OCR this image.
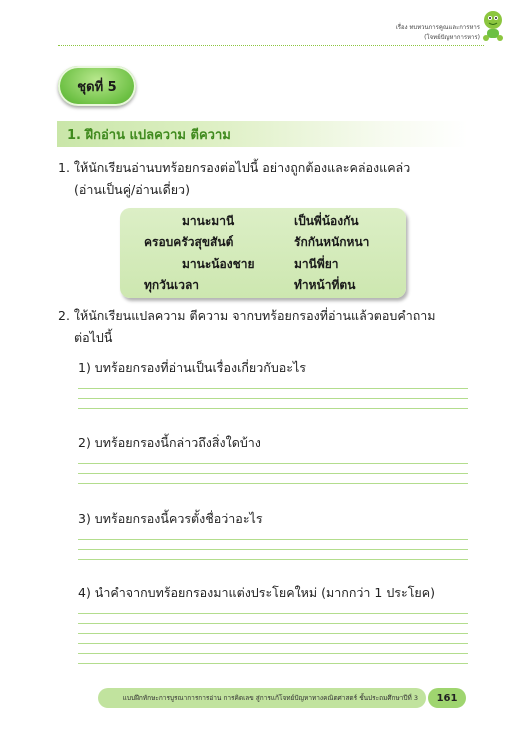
เรื่อง ทบทวนการคูณและการหาร
(โจทย์ปัญหาการหาร)
ชุดที่ 5
1. ฝึกอ่าน แปลความ ตีความ
1. ให้นักเรียนอ่านบทร้อยกรองต่อไปนี้ อย่างถูกต้องและคล่องแคล่ว
(อ่านเป็นคู่/อ่านเดี่ยว)
มานะมานี
ครอบครัวสุขสันต์
มานะน้องชาย
ทุกวันเวลา
เป็นพี่น้องกัน
รักกันหนักหนา
มานีพี่ยา
ทำหน้าที่ตน
2. ให้นักเรียนแปลความ ตีความ จากบทร้อยกรองที่อ่านแล้วตอบคำถาม
ต่อไปนี้
1) บทร้อยกรองที่อ่านเป็นเรื่องเกี่ยวกับอะไร
2) บทร้อยกรองนี้กล่าวถึงสิ่งใดบ้าง
3) บทร้อยกรองนี้ควรตั้งชื่อว่าอะไร
4) นำคำจากบทร้อยกรองมาแต่งประโยคใหม่ (มากกว่า 1 ประโยค)
แบบฝึกทักษะการบูรณาการการอ่าน การคิดเลข สู่การแก้โจทย์ปัญหาทางคณิตศาสตร์ ชั้นประถมศึกษาปีที่ 3 161
